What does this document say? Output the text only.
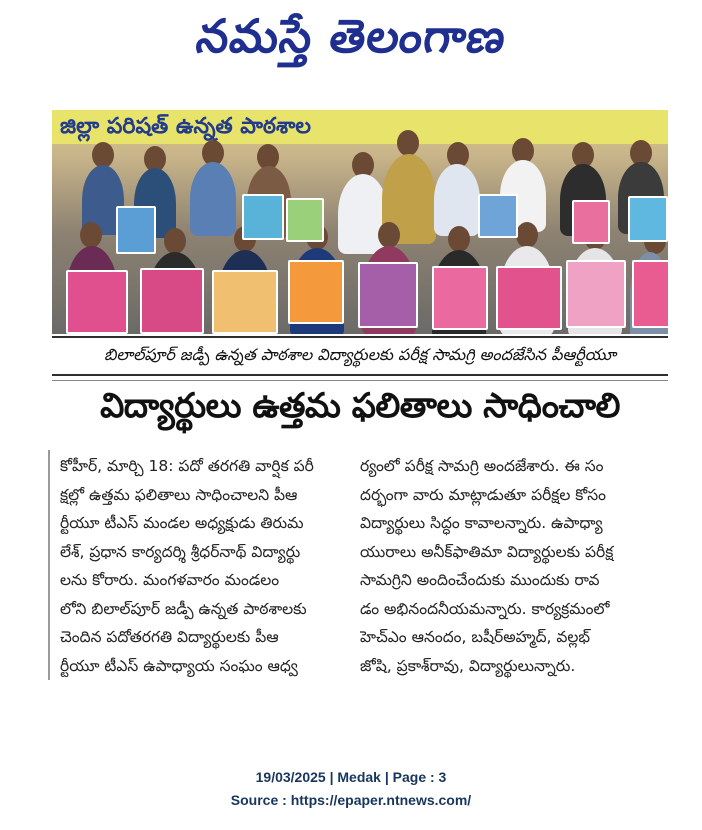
నమస్తే తెలంగాణ
జిల్లా పరిషత్ ఉన్నత పాఠశాల
బిలాల్‌పూర్ జడ్పీ ఉన్నత పాఠశాల విద్యార్థులకు పరీక్ష సామగ్రి అందజేసిన పీఆర్టీయూ
విద్యార్థులు ఉత్తమ ఫలితాలు సాధించాలి
కోహీర్, మార్చి 18: పదో తరగతి వార్షిక పరీ
క్షల్లో ఉత్తమ ఫలితాలు సాధించాలని పీఆ
ర్టీయూ టీఎస్ మండల అధ్యక్షుడు తిరుమ
లేశ్, ప్రధాన కార్యదర్శి శ్రీధర్‌నాథ్ విద్యార్థు
లను కోరారు. మంగళవారం మండలం
లోని బిలాల్‌పూర్ జడ్పీ ఉన్నత పాఠశాలకు
చెందిన పదోతరగతి విద్యార్థులకు పీఆ
ర్టీయూ టీఎస్ ఉపాధ్యాయ సంఘం ఆధ్వ
ర్యంలో పరీక్ష సామగ్రి అందజేశారు. ఈ సం
దర్భంగా వారు మాట్లాడుతూ పరీక్షల కోసం
విద్యార్థులు సిద్ధం కావాలన్నారు. ఉపాధ్యా
యురాలు అనీక్‌ఫాతిమా విద్యార్థులకు పరీక్ష
సామగ్రిని అందించేందుకు ముందుకు రావ
డం అభినందనీయమన్నారు. కార్యక్రమంలో
హెచ్‌ఎం ఆనందం, బషీర్‌అహ్మద్, వల్లభ్
జోషి, ప్రకాశ్‌రావు, విద్యార్థులున్నారు.
19/03/2025 | Medak | Page : 3
Source : https://epaper.ntnews.com/
